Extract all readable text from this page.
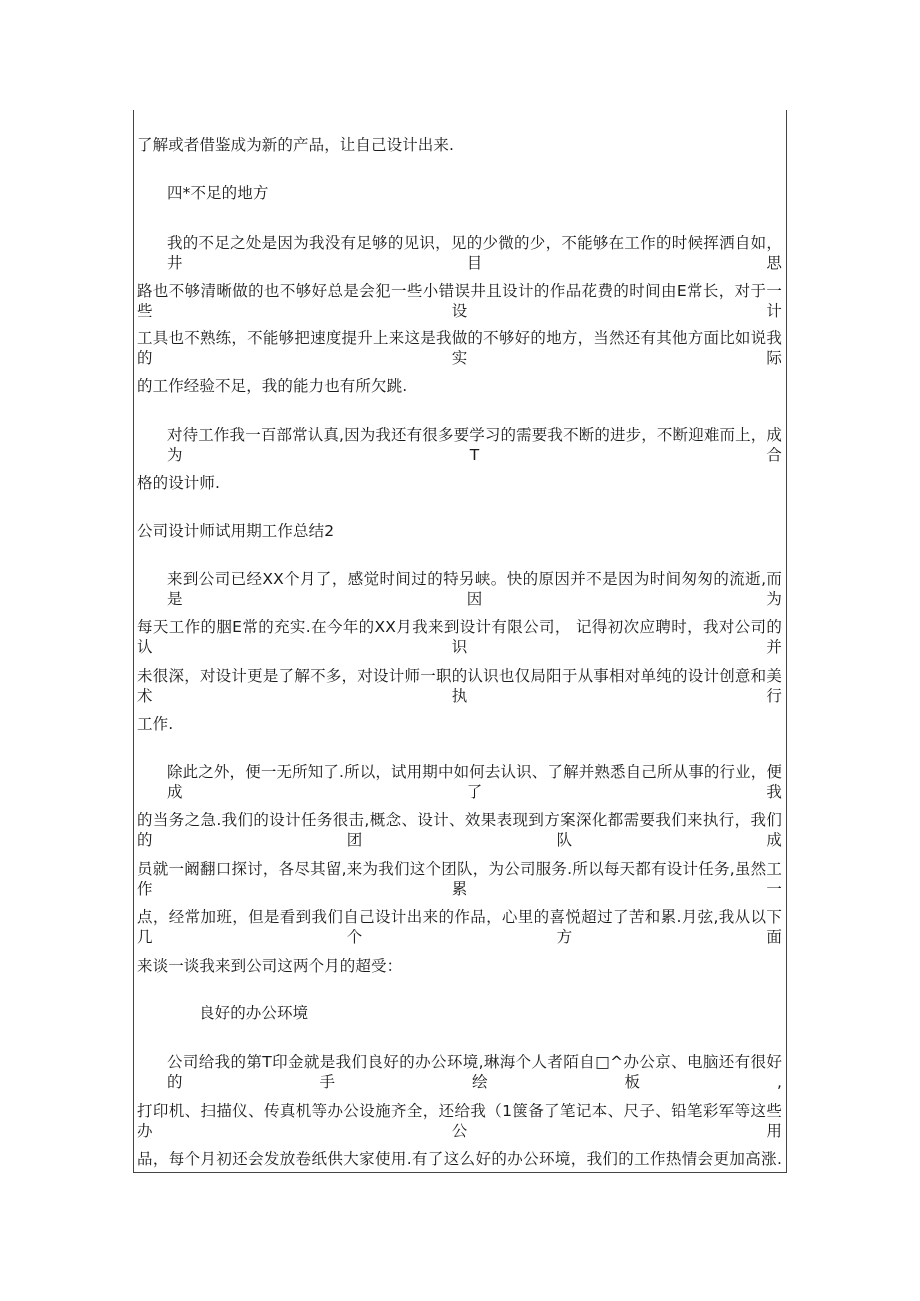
了解或者借鉴成为新的产品，让自己设计出来.
四*不足的地方
我的不足之处是因为我没有足够的见识，见的少微的少，不能够在工作的时候挥洒自如，井目思
路也不够清晰做的也不够好总是会犯一些小错误井且设计的作品花费的时间由E常长，对于一些设计
工具也不熟练，不能够把速度提升上来这是我做的不够好的地方，当然还有其他方面比如说我的实际
的工作经验不足，我的能力也有所欠跳.
对待工作我一百部常认真,因为我还有很多要学习的需要我不断的进步，不断迎难而上，成为T合
格的设计师.
公司设计师试用期工作总结2
来到公司已经XX个月了，感觉时间过的特另峡。快的原因并不是因为时间匆匆的流逝,而是因为
每天工作的胭E常的充实.在今年的XX月我来到设计有限公司， 记得初次应聘时，我对公司的认识并
未很深，对设计更是了解不多，对设计师一职的认识也仅局阳于从事相对单纯的设计创意和美术执行
工作.
除此之外，便一无所知了.所以，试用期中如何去认识、了解并熟悉自己所从事的行业，便成了我
的当务之急.我们的设计任务很击,概念、设计、效果表现到方案深化都需要我们来执行，我们的团队成
员就一阚翻口探讨，各尽其留,来为我们这个团队，为公司服务.所以每天都有设计任务,虽然工作累一
点，经常加班，但是看到我们自己设计出来的作品，心里的喜悦超过了苦和累.月弦,我从以下几个方面
来谈一谈我来到公司这两个月的超受：
良好的办公环境
公司给我的第T印金就是我们良好的办公环境,琳海个人者陌自□^办公京、电脑还有很好的手绘板,
打印机、扫描仪、传真机等办公设施齐全，还给我（1箧备了笔记本、尺子、铅笔彩军等这些办公用
品，每个月初还会发放卷纸供大家使用.有了这么好的办公环境，我们的工作热情会更加高涨.
